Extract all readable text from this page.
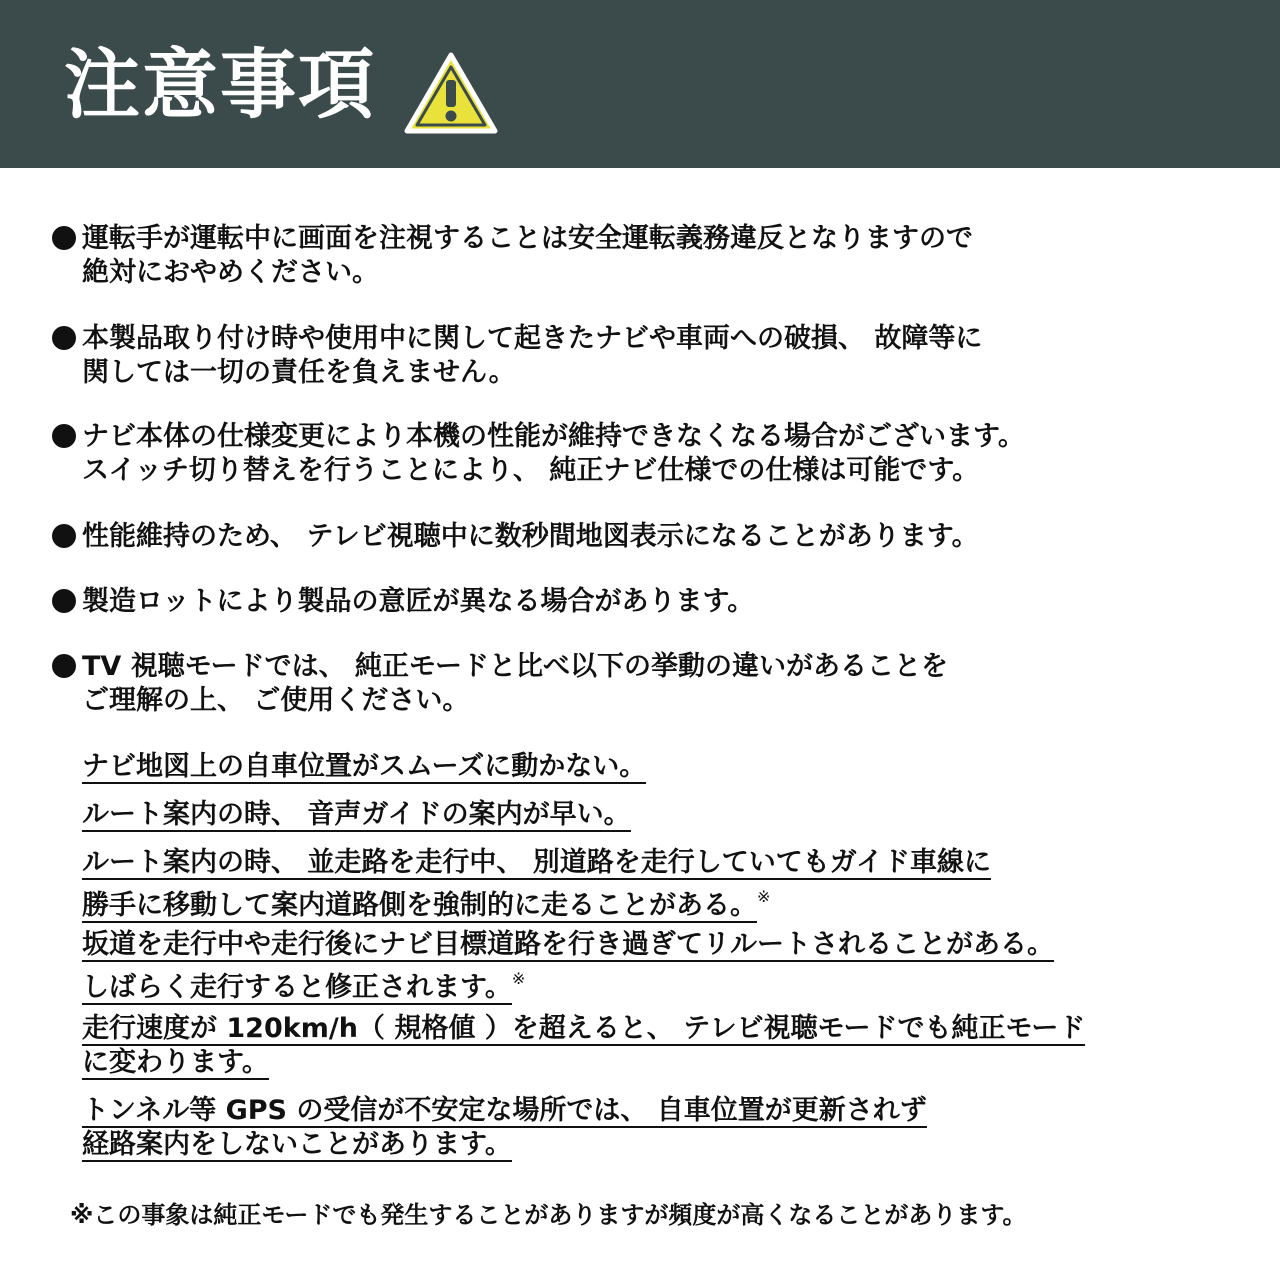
注意事項
運転手が運転中に画面を注視することは安全運転義務違反となりますので
絶対におやめください。
本製品取り付け時や使用中に関して起きたナビや車両への破損、 故障等に
関しては一切の責任を負えません。
ナビ本体の仕様変更により本機の性能が維持できなくなる場合がございます。
スイッチ切り替えを行うことにより、 純正ナビ仕様での仕様は可能です。
性能維持のため、 テレビ視聴中に数秒間地図表示になることがあります。
製造ロットにより製品の意匠が異なる場合があります。
TV 視聴モードでは、 純正モードと比べ以下の挙動の違いがあることを
ご理解の上、 ご使用ください。
ナビ地図上の自車位置がスムーズに動かない。
ルート案内の時、 音声ガイドの案内が早い。
ルート案内の時、 並走路を走行中、 別道路を走行していてもガイド車線に
勝手に移動して案内道路側を強制的に走ることがある。※
坂道を走行中や走行後にナビ目標道路を行き過ぎてリルートされることがある。
しばらく走行すると修正されます。※
走行速度が 120km/h（ 規格値 ）を超えると、 テレビ視聴モードでも純正モード
に変わります。
トンネル等 GPS の受信が不安定な場所では、 自車位置が更新されず
経路案内をしないことがあります。
※この事象は純正モードでも発生することがありますが頻度が高くなることがあります。
